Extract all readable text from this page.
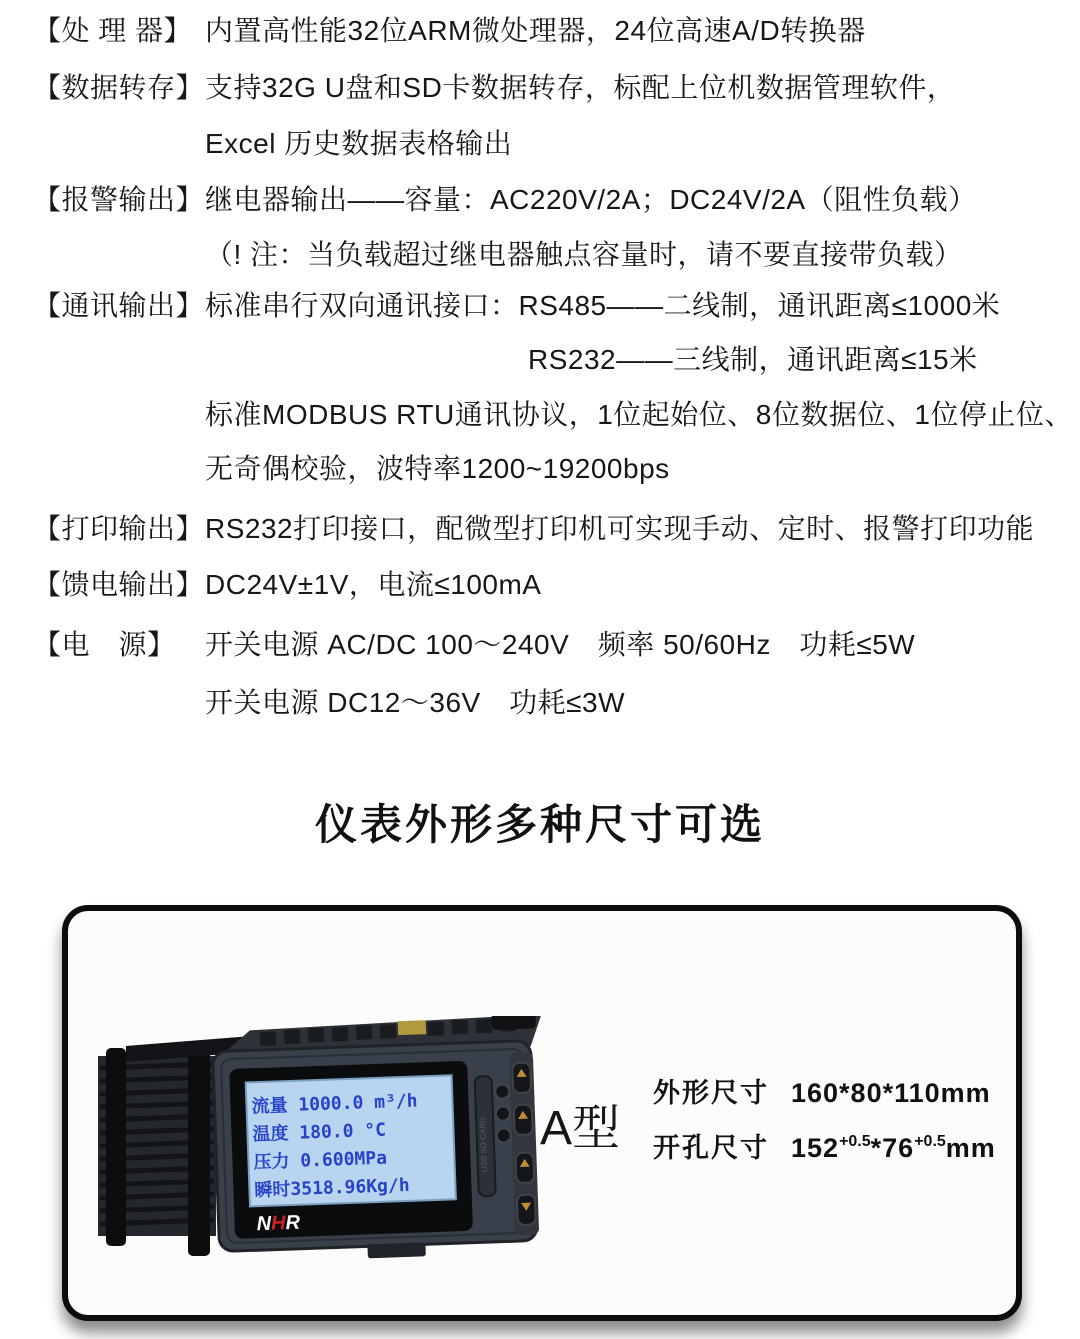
【处 理 器】 内置高性能32位ARM微处理器，24位高速A/D转换器
【数据转存】支持32G U盘和SD卡数据转存，标配上位机数据管理软件，
Excel 历史数据表格输出
【报警输出】继电器输出——容量：AC220V/2A；DC24V/2A（阻性负载）
（! 注：当负载超过继电器触点容量时，请不要直接带负载）
【通讯输出】标准串行双向通讯接口：RS485——二线制，通讯距离≤1000米
RS232——三线制，通讯距离≤15米
标准MODBUS RTU通讯协议，1位起始位、8位数据位、1位停止位、
无奇偶校验，波特率1200~19200bps
【打印输出】RS232打印接口，配微型打印机可实现手动、定时、报警打印功能
【馈电输出】DC24V±1V，电流≤100mA
【电　源】 开关电源 AC/DC 100～240V　频率 50/60Hz　功耗≤5W
开关电源 DC12～36V　功耗≤3W
仪表外形多种尺寸可选
流量 1000.0 m³/h
温度 180.0 °C
压力 0.600MPa
瞬时3518.96Kg/h
NHR
USB SD-CARD A型
外形尺寸 160*80*110mm
开孔尺寸 $152^{+0.5}*76^{+0.5}mm$
